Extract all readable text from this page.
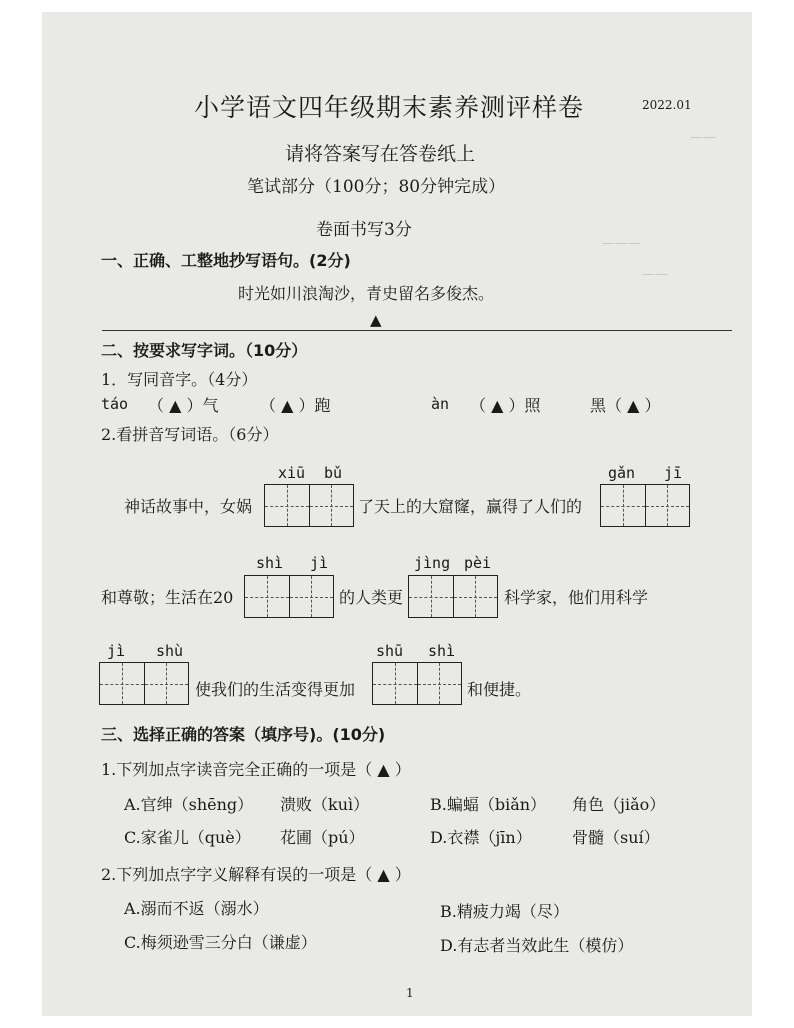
——
———
——
小学语文四年级期末素养测评样卷	2022.01
请将答案写在答卷纸上
笔试部分（100分；80分钟完成）
卷面书写3分
一、正确、工整地抄写语句。(2分)
时光如川浪淘沙，青史留名多俊杰。
▲
二、按要求写字词。（10分）
1．写同音字。（4分）
táo （ ▲ ）气	（ ▲ ）跑	àn （ ▲ ）照	黑（ ▲ ）
2.看拼音写词语。（6分）
xiū bǔ	gǎn jī
神话故事中，女娲	了天上的大窟窿，赢得了人们的
shì jì	jìng pèi
和尊敬；生活在20	的人类更	科学家，他们用科学
jì shù	shū shì
使我们的生活变得更加	和便捷。
三、选择正确的答案（填序号)。(10分)
1.下列加点字读音完全正确的一项是（ ▲ ）
A.官绅（shēng） 溃败（kuì）	B.蝙蝠（biǎn） 角色（jiǎo）
C.家雀儿（què） 花圃（pú）	D.衣襟（jīn）	骨髓（suí）
2.下列加点字字义解释有误的一项是（ ▲ ）
A.溺而不返（溺水）	B.精疲力竭（尽）
C.梅须逊雪三分白（谦虚）	D.有志者当效此生（模仿）
1
